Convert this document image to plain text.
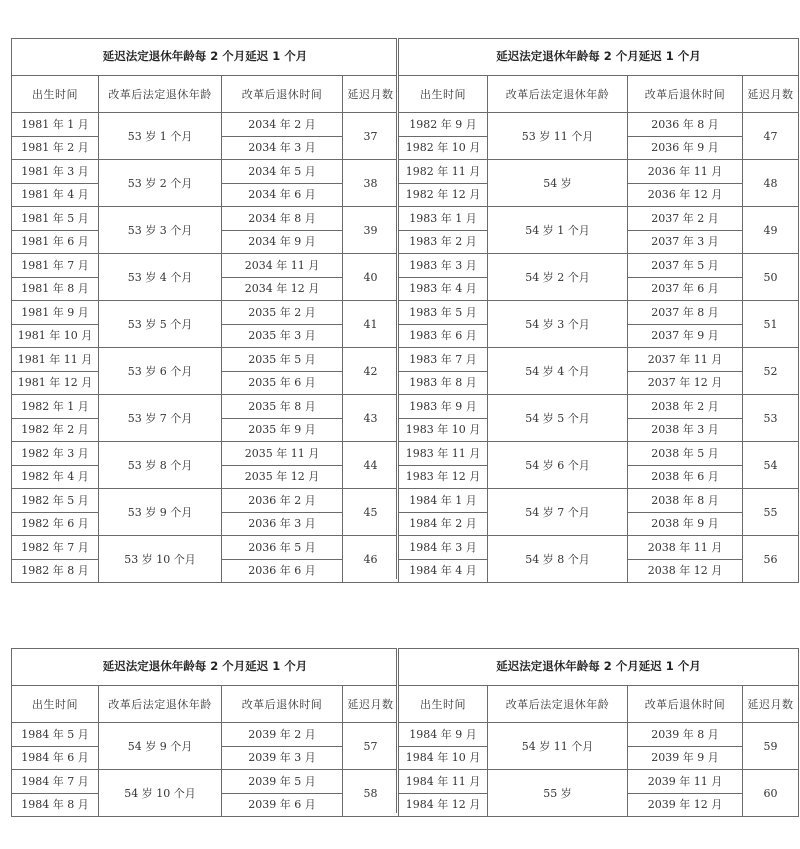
延迟法定退休年龄每 2 个月延迟 1 个月			
出生时间	改革后法定退休年龄	改革后退休时间	延迟月数
1981 年 1 月	53 岁 1 个月	2034 年 2 月	37
1981 年 2 月		2034 年 3 月	
1981 年 3 月	53 岁 2 个月	2034 年 5 月	38
1981 年 4 月		2034 年 6 月	
1981 年 5 月	53 岁 3 个月	2034 年 8 月	39
1981 年 6 月		2034 年 9 月	
1981 年 7 月	53 岁 4 个月	2034 年 11 月	40
1981 年 8 月		2034 年 12 月	
1981 年 9 月	53 岁 5 个月	2035 年 2 月	41
1981 年 10 月		2035 年 3 月	
1981 年 11 月	53 岁 6 个月	2035 年 5 月	42
1981 年 12 月		2035 年 6 月	
1982 年 1 月	53 岁 7 个月	2035 年 8 月	43
1982 年 2 月		2035 年 9 月	
1982 年 3 月	53 岁 8 个月	2035 年 11 月	44
1982 年 4 月		2035 年 12 月	
1982 年 5 月	53 岁 9 个月	2036 年 2 月	45
1982 年 6 月		2036 年 3 月	
1982 年 7 月	53 岁 10 个月	2036 年 5 月	46
1982 年 8 月		2036 年 6 月	
延迟法定退休年龄每 2 个月延迟 1 个月			
出生时间	改革后法定退休年龄	改革后退休时间	延迟月数
1982 年 9 月	53 岁 11 个月	2036 年 8 月	47
1982 年 10 月		2036 年 9 月	
1982 年 11 月	54 岁	2036 年 11 月	48
1982 年 12 月		2036 年 12 月	
1983 年 1 月	54 岁 1 个月	2037 年 2 月	49
1983 年 2 月		2037 年 3 月	
1983 年 3 月	54 岁 2 个月	2037 年 5 月	50
1983 年 4 月		2037 年 6 月	
1983 年 5 月	54 岁 3 个月	2037 年 8 月	51
1983 年 6 月		2037 年 9 月	
1983 年 7 月	54 岁 4 个月	2037 年 11 月	52
1983 年 8 月		2037 年 12 月	
1983 年 9 月	54 岁 5 个月	2038 年 2 月	53
1983 年 10 月		2038 年 3 月	
1983 年 11 月	54 岁 6 个月	2038 年 5 月	54
1983 年 12 月		2038 年 6 月	
1984 年 1 月	54 岁 7 个月	2038 年 8 月	55
1984 年 2 月		2038 年 9 月	
1984 年 3 月	54 岁 8 个月	2038 年 11 月	56
1984 年 4 月		2038 年 12 月	
延迟法定退休年龄每 2 个月延迟 1 个月			
出生时间	改革后法定退休年龄	改革后退休时间	延迟月数
1984 年 5 月	54 岁 9 个月	2039 年 2 月	57
1984 年 6 月		2039 年 3 月	
1984 年 7 月	54 岁 10 个月	2039 年 5 月	58
1984 年 8 月		2039 年 6 月	
延迟法定退休年龄每 2 个月延迟 1 个月			
出生时间	改革后法定退休年龄	改革后退休时间	延迟月数
1984 年 9 月	54 岁 11 个月	2039 年 8 月	59
1984 年 10 月		2039 年 9 月	
1984 年 11 月	55 岁	2039 年 11 月	60
1984 年 12 月		2039 年 12 月	
